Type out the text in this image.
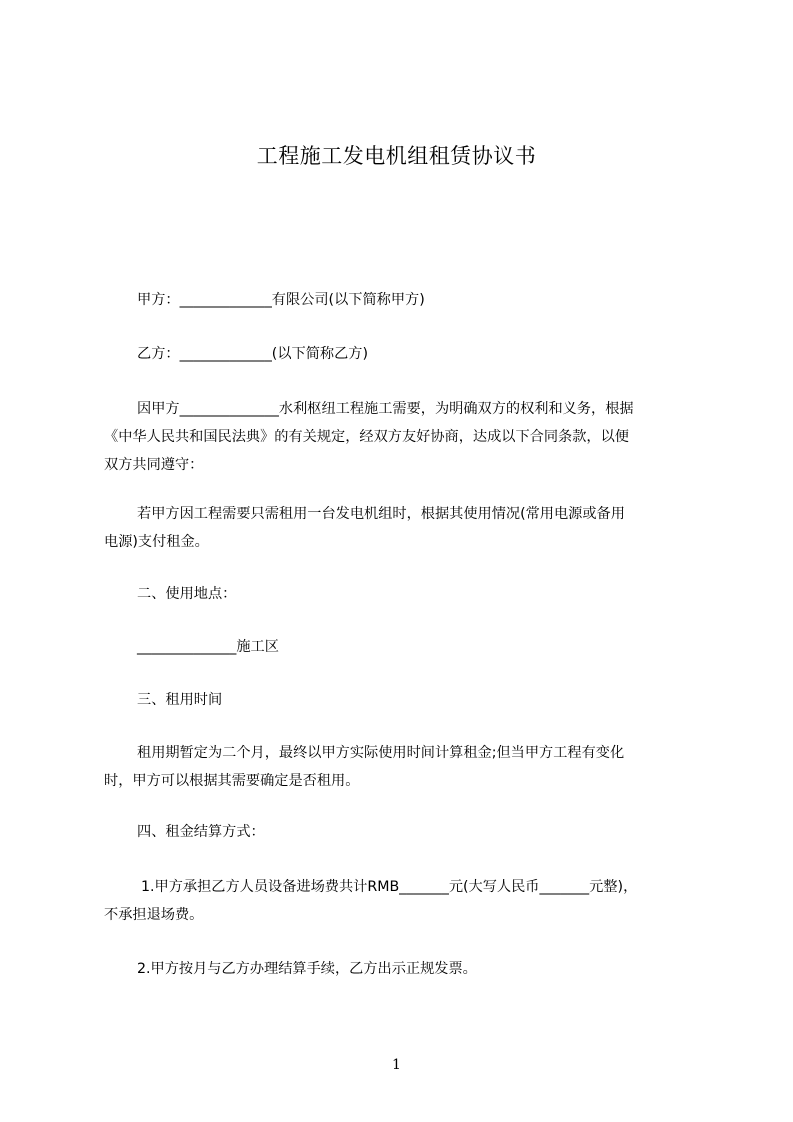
工程施工发电机组租赁协议书
甲方：_____________有限公司(以下简称甲方)
乙方：_____________(以下简称乙方)
因甲方______________水利枢纽工程施工需要，为明确双方的权利和义务，根据
《中华人民共和国民法典》的有关规定，经双方友好协商，达成以下合同条款，以便
双方共同遵守：
若甲方因工程需要只需租用一台发电机组时，根据其使用情况(常用电源或备用
电源)支付租金。
二、使用地点：
______________施工区
三、租用时间
租用期暂定为二个月，最终以甲方实际使用时间计算租金;但当甲方工程有变化
时，甲方可以根据其需要确定是否租用。
四、租金结算方式：
1.甲方承担乙方人员设备进场费共计RMB_______元(大写人民币_______元整)，
不承担退场费。
2.甲方按月与乙方办理结算手续，乙方出示正规发票。
1
